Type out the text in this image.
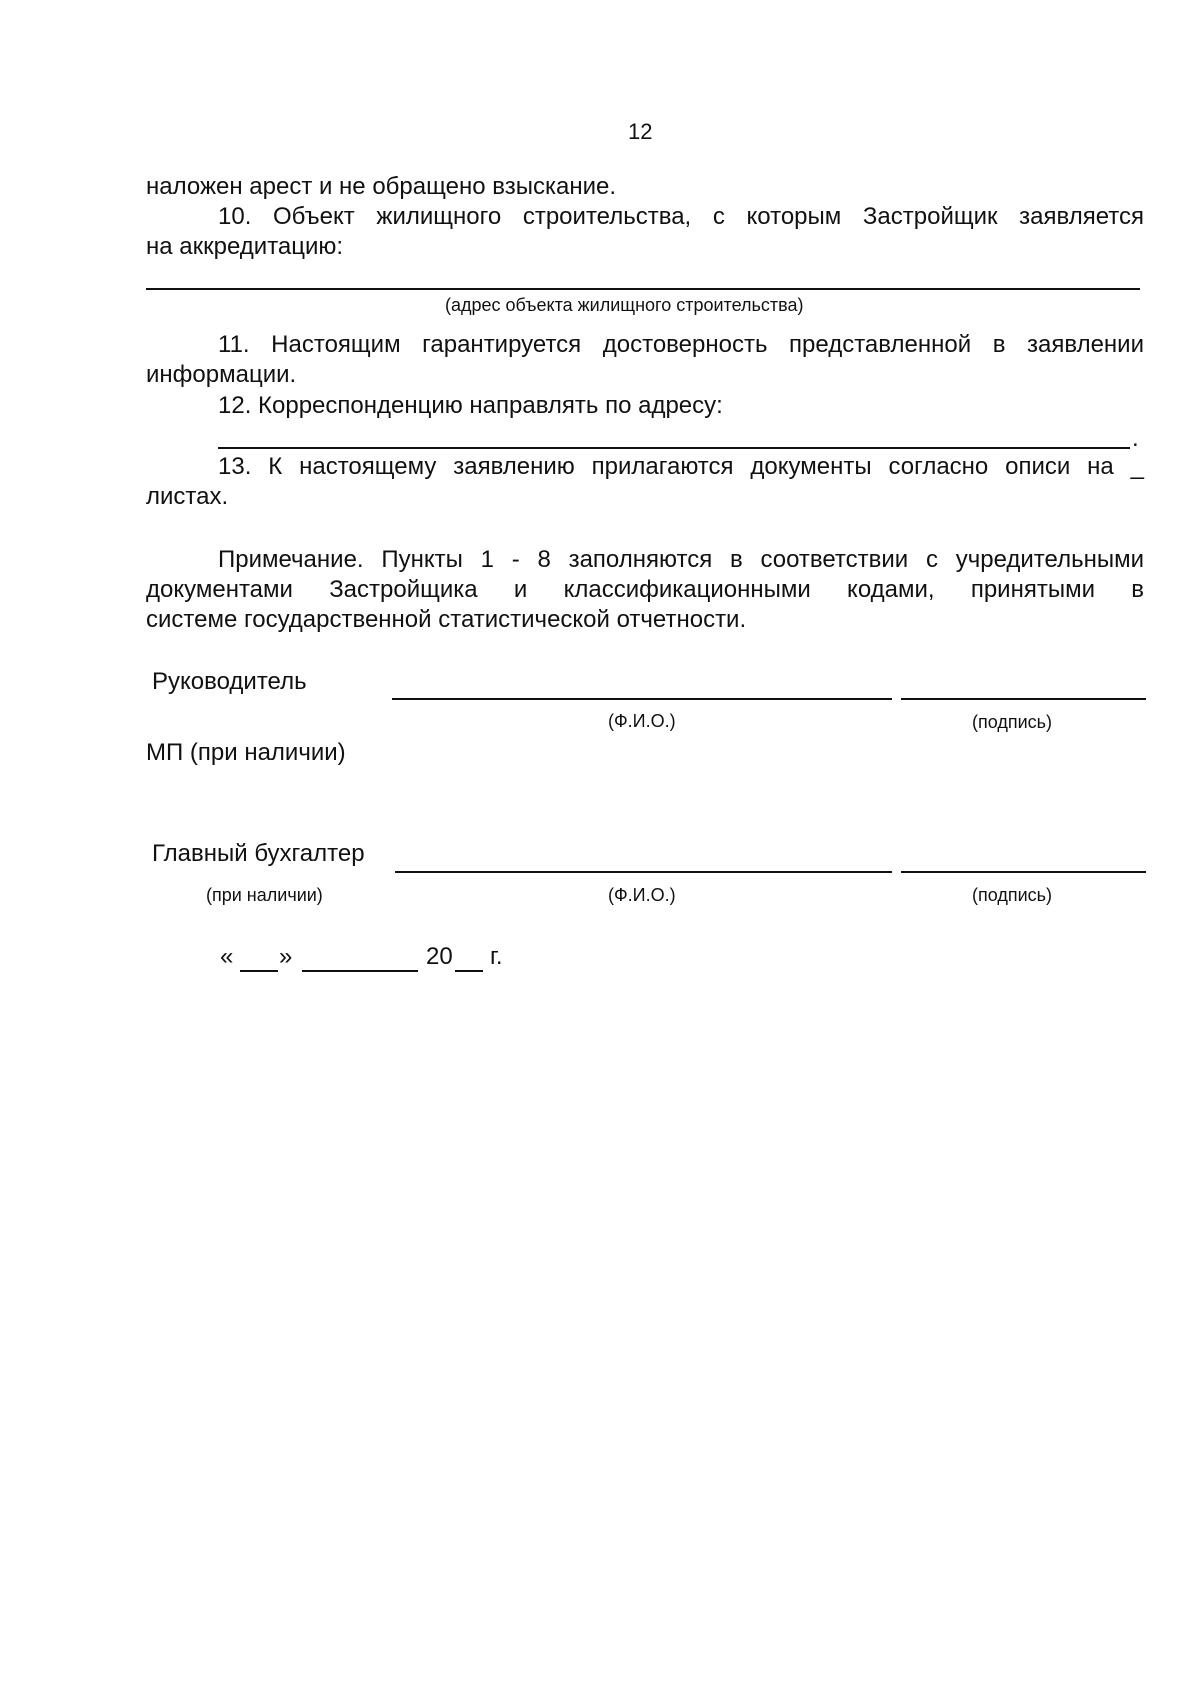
12
наложен арест и не обращено взыскание.
10. Объект жилищного строительства, с которым Застройщик заявляется
на аккредитацию:
(адрес объекта жилищного строительства)
11. Настоящим гарантируется достоверность представленной в заявлении
информации.
12. Корреспонденцию направлять по адресу:
.
13. К настоящему заявлению прилагаются документы согласно описи на _
листах.
Примечание. Пункты 1 - 8 заполняются в соответствии с учредительными
документами Застройщика и классификационными кодами, принятыми в
системе государственной статистической отчетности.
Руководитель
(Ф.И.О.)	(подпись)
МП (при наличии)
Главный бухгалтер
(при наличии)	(Ф.И.О.)	(подпись)
« »	20 г.
